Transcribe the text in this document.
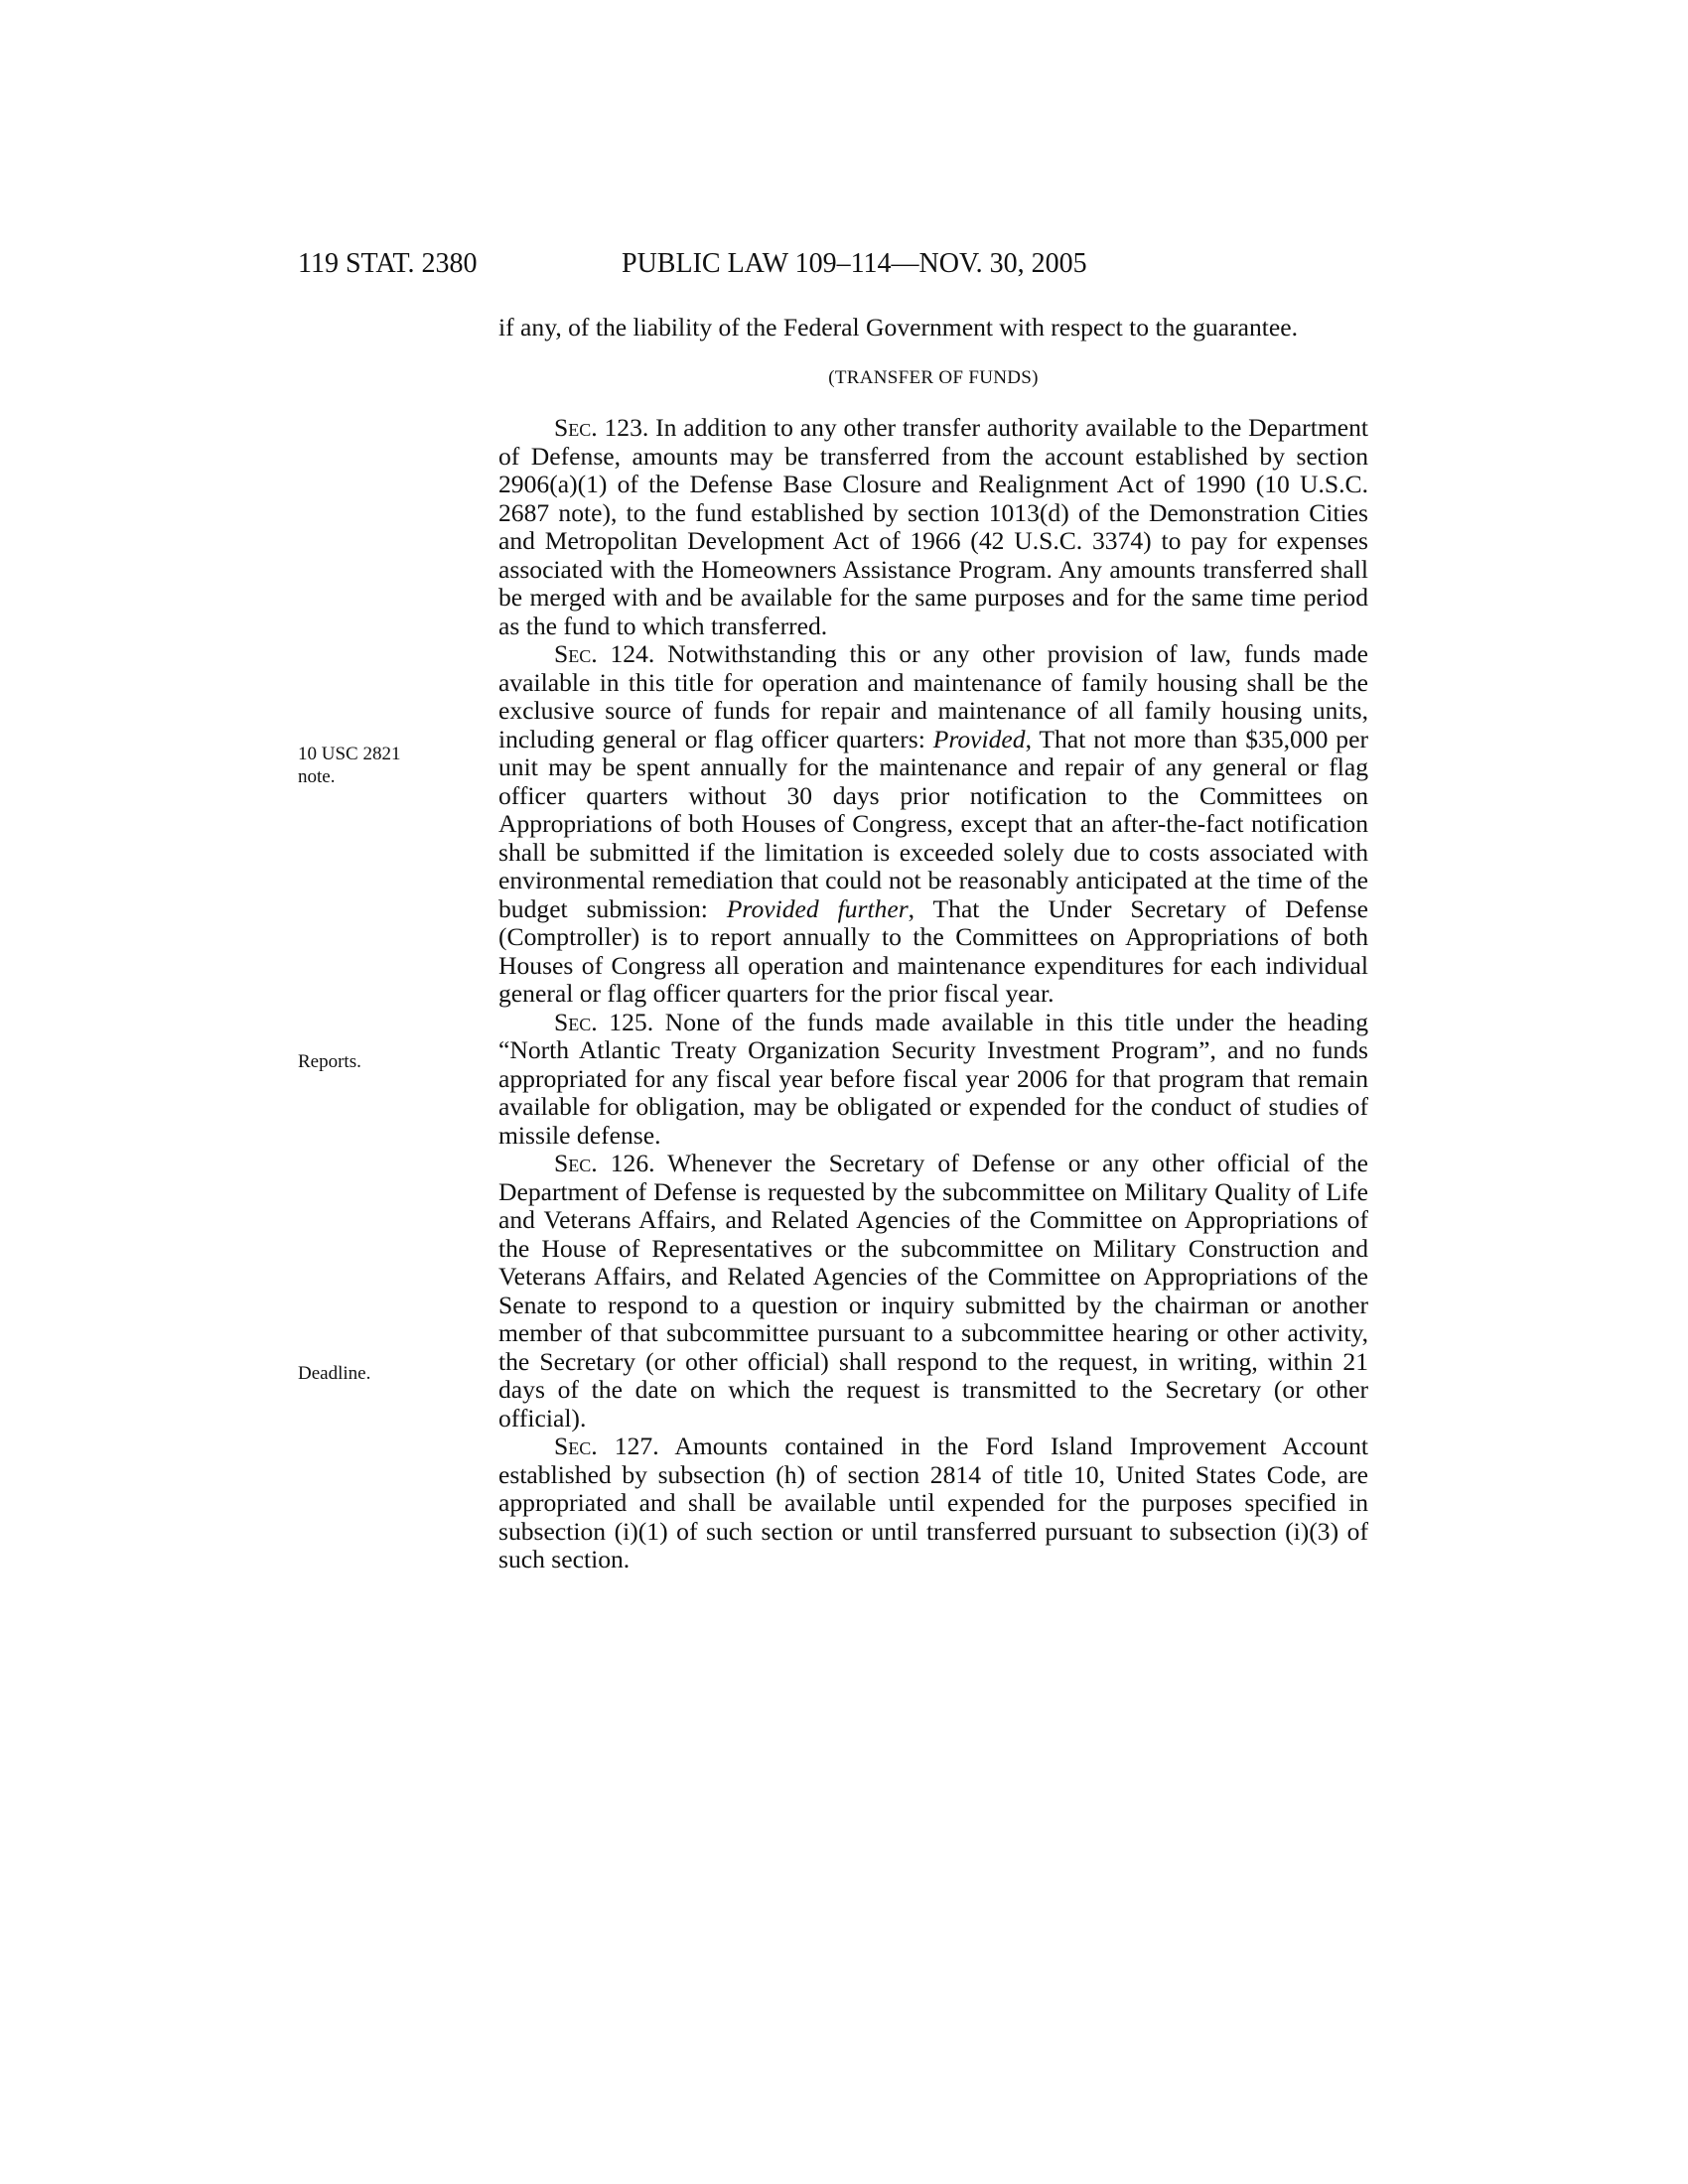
119 STAT. 2380	PUBLIC LAW 109–114—NOV. 30, 2005
10 USC 2821
note.
Reports.
Deadline.

if any, of the liability of the Federal Government with respect to the guarantee.

(TRANSFER OF FUNDS)

Sec. 123. In addition to any other transfer authority available to the Department of Defense, amounts may be transferred from the account established by section 2906(a)(1) of the Defense Base Closure and Realignment Act of 1990 (10 U.S.C. 2687 note), to the fund established by section 1013(d) of the Demonstration Cities and Metropolitan Development Act of 1966 (42 U.S.C. 3374) to pay for expenses associated with the Homeowners Assistance Program. Any amounts transferred shall be merged with and be available for the same purposes and for the same time period as the fund to which transferred.

Sec. 124. Notwithstanding this or any other provision of law, funds made available in this title for operation and maintenance of family housing shall be the exclusive source of funds for repair and maintenance of all family housing units, including general or flag officer quarters: Provided, That not more than $35,000 per unit may be spent annually for the maintenance and repair of any general or flag officer quarters without 30 days prior notification to the Committees on Appropriations of both Houses of Congress, except that an after-the-fact notification shall be submitted if the limitation is exceeded solely due to costs associated with environmental remediation that could not be reasonably anticipated at the time of the budget submission: Provided further, That the Under Secretary of Defense (Comptroller) is to report annually to the Committees on Appropriations of both Houses of Congress all operation and maintenance expenditures for each individual general or flag officer quarters for the prior fiscal year.

Sec. 125. None of the funds made available in this title under the heading “North Atlantic Treaty Organization Security Investment Program”, and no funds appropriated for any fiscal year before fiscal year 2006 for that program that remain available for obligation, may be obligated or expended for the conduct of studies of missile defense.

Sec. 126. Whenever the Secretary of Defense or any other official of the Department of Defense is requested by the subcommittee on Military Quality of Life and Veterans Affairs, and Related Agencies of the Committee on Appropriations of the House of Representatives or the subcommittee on Military Construction and Veterans Affairs, and Related Agencies of the Committee on Appropriations of the Senate to respond to a question or inquiry submitted by the chairman or another member of that subcommittee pursuant to a subcommittee hearing or other activity, the Secretary (or other official) shall respond to the request, in writing, within 21 days of the date on which the request is transmitted to the Secretary (or other official).

Sec. 127. Amounts contained in the Ford Island Improvement Account established by subsection (h) of section 2814 of title 10, United States Code, are appropriated and shall be available until expended for the purposes specified in subsection (i)(1) of such section or until transferred pursuant to subsection (i)(3) of such section.
